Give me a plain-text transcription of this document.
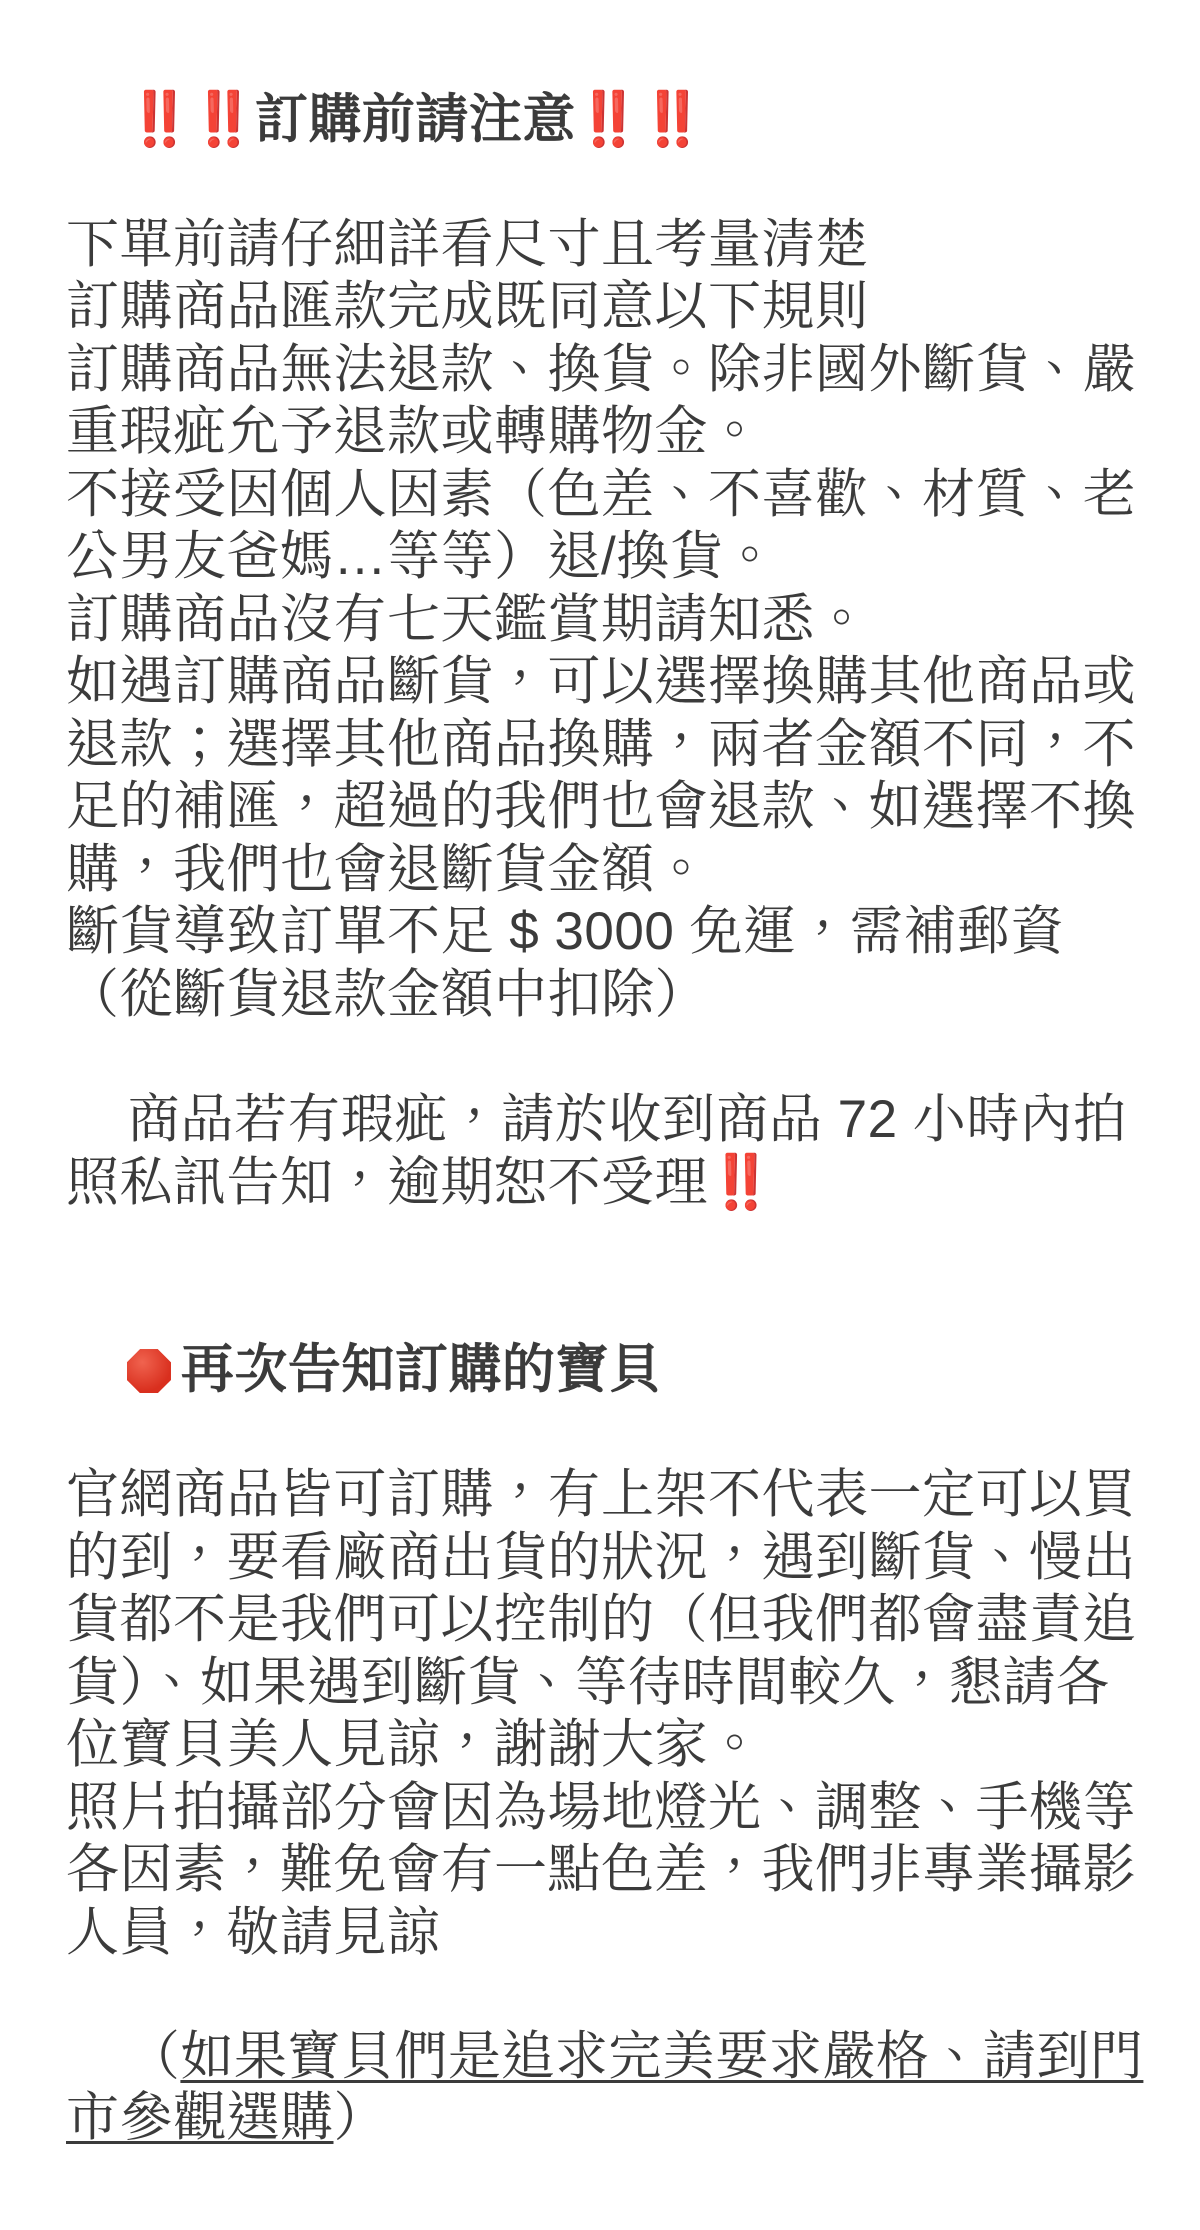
‼️‼️訂購前請注意‼️‼️

下單前請仔細詳看尺寸且考量清楚

訂購商品匯款完成既同意以下規則

訂購商品無法退款、換貨。除非國外斷貨、嚴重瑕疵允予退款或轉購物金。

不接受因個人因素（色差、不喜歡、材質、老公男友爸媽…等等）退/換貨。

訂購商品沒有七天鑑賞期請知悉。

如遇訂購商品斷貨，可以選擇換購其他商品或退款；選擇其他商品換購，兩者金額不同，不足的補匯，超過的我們也會退款、如選擇不換購，我們也會退斷貨金額。

斷貨導致訂單不足 $ 3000 免運，需補郵資（從斷貨退款金額中扣除）

商品若有瑕疵，請於收到商品 72 小時內拍照私訊告知，逾期恕不受理‼️

再次告知訂購的寶貝

官網商品皆可訂購，有上架不代表一定可以買的到，要看廠商出貨的狀況，遇到斷貨、慢出貨都不是我們可以控制的（但我們都會盡責追貨）、如果遇到斷貨、等待時間較久，懇請各位寶貝美人見諒，謝謝大家。

照片拍攝部分會因為場地燈光、調整、手機等各因素，難免會有一點色差，我們非專業攝影人員，敬請見諒

（如果寶貝們是追求完美要求嚴格、請到門市參觀選購）
